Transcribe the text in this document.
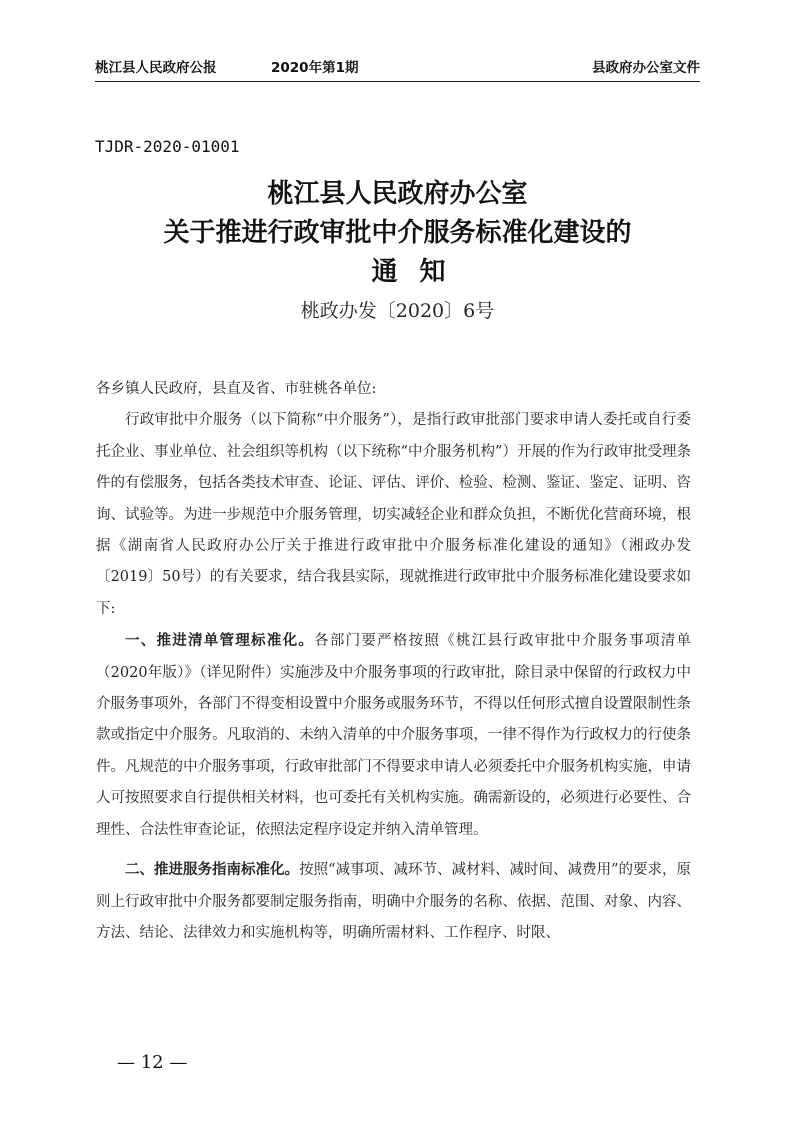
桃江县人民政府公报	2020年第1期	县政府办公室文件
TJDR-2020-01001
桃江县人民政府办公室
关于推进行政审批中介服务标准化建设的
通知
桃政办发〔2020〕6号

各乡镇人民政府，县直及省、市驻桃各单位:

行政审批中介服务（以下简称“中介服务”），是指行政审批部门要求申请人委托或自行委托企业、事业单位、社会组织等机构（以下统称“中介服务机构”）开展的作为行政审批受理条件的有偿服务，包括各类技术审查、论证、评估、评价、检验、检测、鉴证、鉴定、证明、咨询、试验等。为进一步规范中介服务管理，切实减轻企业和群众负担，不断优化营商环境，根据《湖南省人民政府办公厅关于推进行政审批中介服务标准化建设的通知》（湘政办发〔2019〕50号）的有关要求，结合我县实际，现就推进行政审批中介服务标准化建设要求如下:

一、推进清单管理标准化。各部门要严格按照《桃江县行政审批中介服务事项清单（2020年版）》（详见附件）实施涉及中介服务事项的行政审批，除目录中保留的行政权力中介服务事项外，各部门不得变相设置中介服务或服务环节，不得以任何形式擅自设置限制性条款或指定中介服务。凡取消的、未纳入清单的中介服务事项，一律不得作为行政权力的行使条件。凡规范的中介服务事项，行政审批部门不得要求申请人必须委托中介服务机构实施，申请人可按照要求自行提供相关材料，也可委托有关机构实施。确需新设的，必须进行必要性、合理性、合法性审查论证，依照法定程序设定并纳入清单管理。

二、推进服务指南标准化。按照“减事项、减环节、减材料、减时间、减费用”的要求，原则上行政审批中介服务都要制定服务指南，明确中介服务的名称、依据、范围、对象、内容、方法、结论、法律效力和实施机构等，明确所需材料、工作程序、时限、

— 12 —
